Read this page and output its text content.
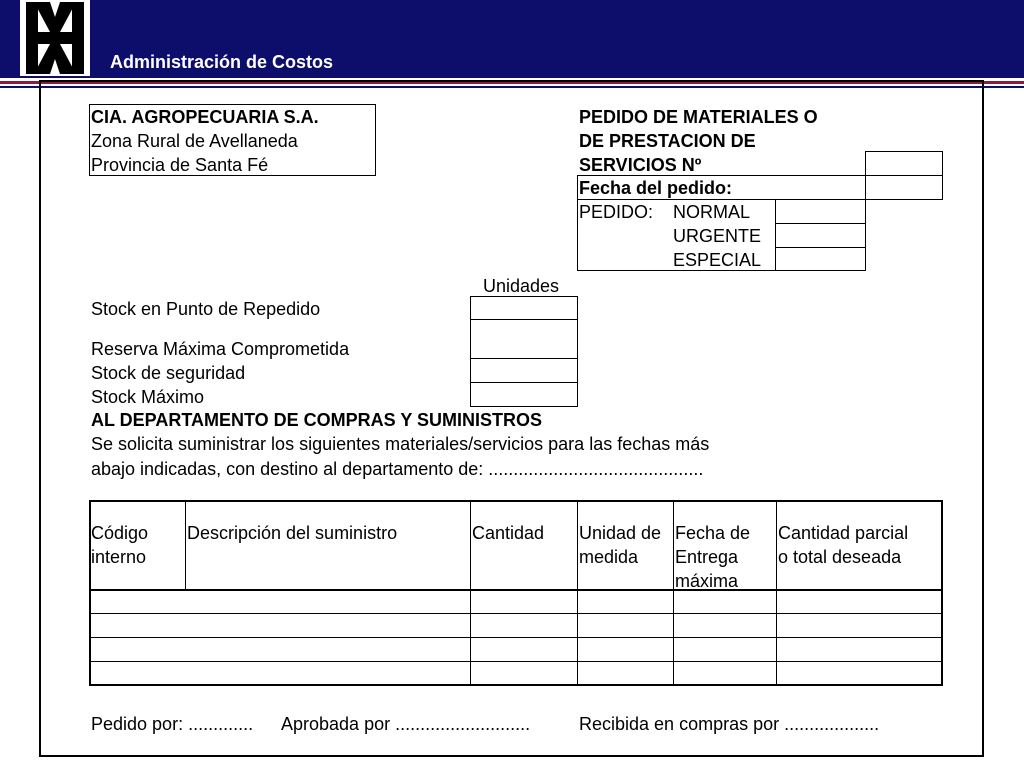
Administración de Costos
CIA. AGROPECUARIA S.A.
Zona Rural de Avellaneda
Provincia de Santa Fé
PEDIDO DE MATERIALES O
DE PRESTACION DE
SERVICIOS Nº
Fecha del pedido:
PEDIDO: NORMAL
URGENTE
ESPECIAL
Unidades
Stock en Punto de Repedido
Reserva Máxima Comprometida
Stock de seguridad
Stock Máximo
AL DEPARTAMENTO DE COMPRAS Y SUMINISTROS
Se solicita suministrar los siguientes materiales/servicios para las fechas más
abajo indicadas, con destino al departamento de: ...........................................
Código
interno
Descripción del suministro	Cantidad Unidad de
medida
Fecha de
Entrega
máxima
Cantidad parcial
o total deseada
Pedido por: ............. Aprobada por ...........................	Recibida en compras por ...................
